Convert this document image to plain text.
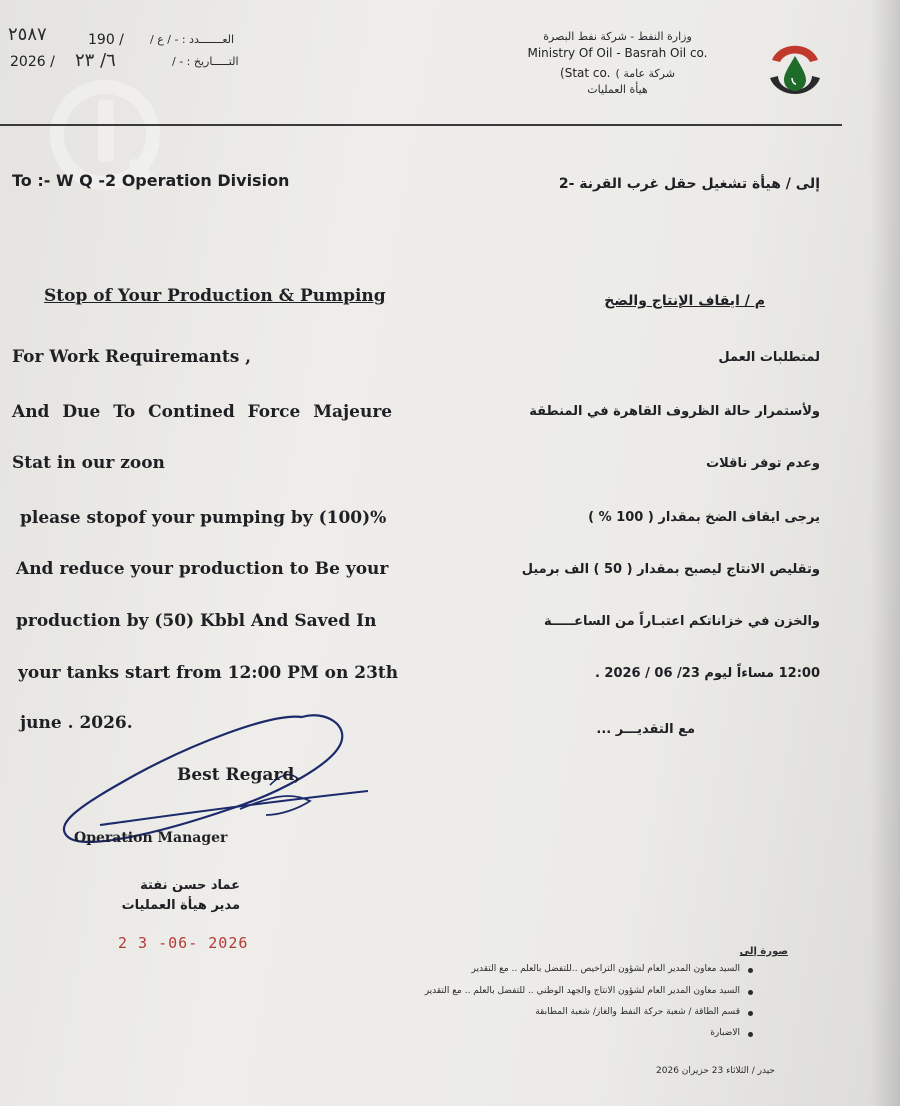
العـــــــدد : - / ع /
190 /
٢٥٨٧
التـــــاريخ : - /
2026 / ٦/ ٢٣
وزارة النفط - شركة نفط البصرة
Ministry Of Oil - Basrah Oil co.
(Stat co. شركة عامة )
هيأة العمليات
To :- W Q -2 Operation Division	إلى / هيأة تشغيل حقل غرب القرنة -2
Stop of Your Production & Pumping	م / ايقاف الإنتاج والضخ
For Work Requiremants ,
And Due To Contined Force Majeure
Stat in our zoon
please stopof your pumping by (100)%
And reduce your production to Be your
production by (50) Kbbl And Saved In
your tanks start from 12:00 PM on 23th
june . 2026.
لمتطلبات العمل
ولأستمرار حالة الظروف القاهرة في المنطقة
وعدم توفر ناقلات
يرجى ايقاف الضخ بمقدار ( 100 % )
وتقليص الانتاج ليصبح بمقدار ( 50 ) الف برميل
والخزن في خزاناتكم اعتبـاراً من الساعـــــة
12:00 مساءاً ليوم 23/ 06 / 2026 .
مع التقديـــر ...
Best Regard,
Operation Manager
عماد حسن نفتة
مدير هيأة العمليات
2 3 -06- 2026	صورة إلى
السيد معاون المدير العام لشؤون التراخيص ..للتفضل بالعلم .. مع التقدير
السيد معاون المدير العام لشؤون الانتاج والجهد الوطني .. للتفضل بالعلم .. مع التقدير
قسم الطاقة / شعبة حركة النفط والغاز/ شعبة المطابقة
الاضبارة
حيدر / الثلاثاء 23 حزيران 2026
